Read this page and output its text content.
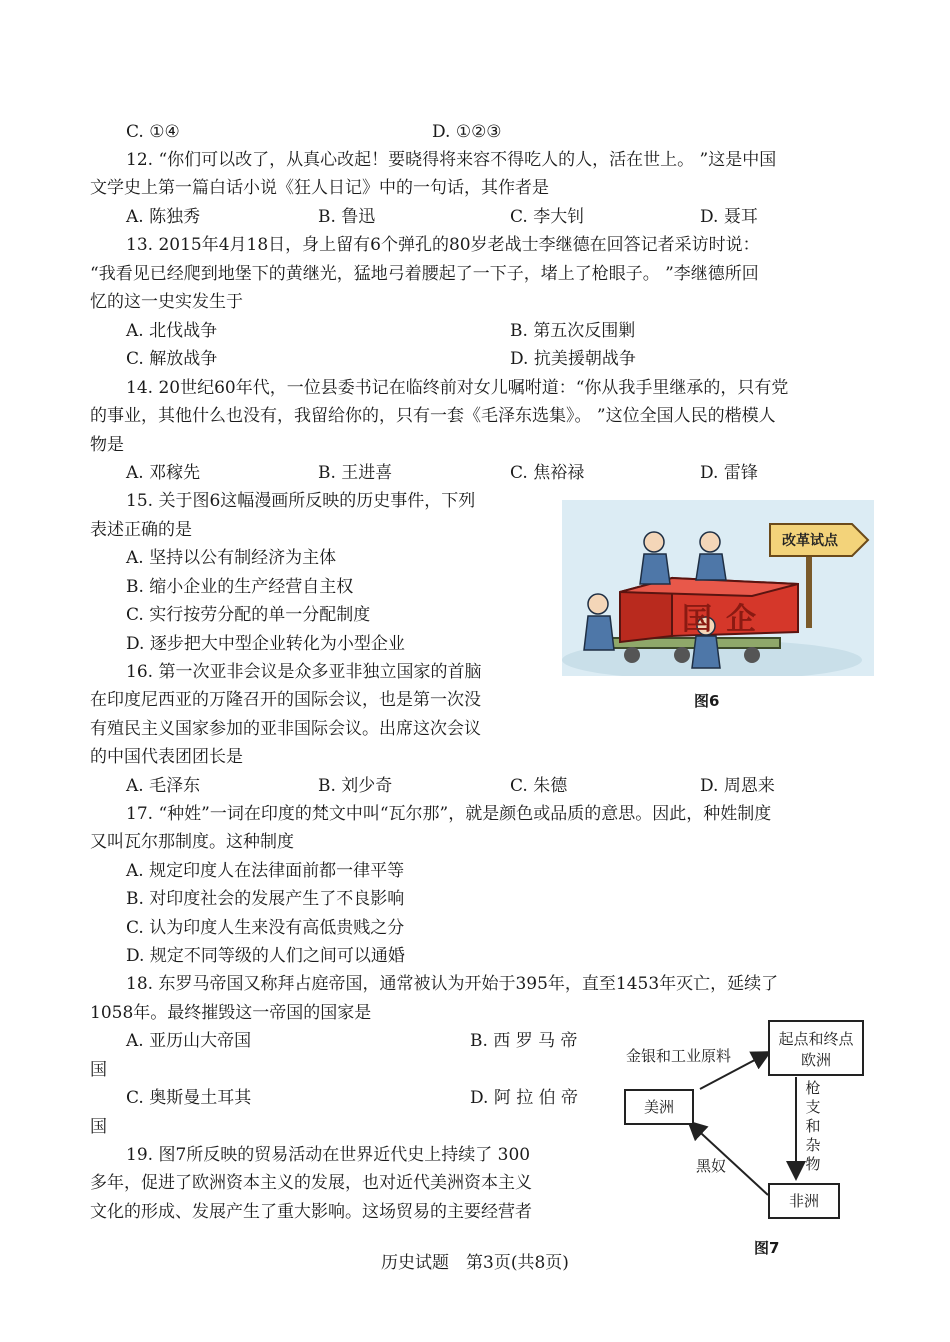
C. ①④	D. ①②③
12. “你们可以改了，从真心改起！要晓得将来容不得吃人的人，活在世上。 ”这是中国
文学史上第一篇白话小说《狂人日记》中的一句话，其作者是
A. 陈独秀	B. 鲁迅	C. 李大钊	D. 聂耳
13. 2015年4月18日，身上留有6个弹孔的80岁老战士李继德在回答记者采访时说：
“我看见已经爬到地堡下的黄继光，猛地弓着腰起了一下子，堵上了枪眼子。 ”李继德所回
忆的这一史实发生于
A. 北伐战争	B. 第五次反围剿
C. 解放战争	D. 抗美援朝战争
14. 20世纪60年代，一位县委书记在临终前对女儿嘱咐道：“你从我手里继承的，只有党
的事业，其他什么也没有，我留给你的，只有一套《毛泽东选集》。 ”这位全国人民的楷模人
物是
A. 邓稼先	B. 王进喜	C. 焦裕禄	D. 雷锋
15. 关于图6这幅漫画所反映的历史事件，下列
表述正确的是
A. 坚持以公有制经济为主体
B. 缩小企业的生产经营自主权
C. 实行按劳分配的单一分配制度
D. 逐步把大中型企业转化为小型企业
16. 第一次亚非会议是众多亚非独立国家的首脑
在印度尼西亚的万隆召开的国际会议，也是第一次没
有殖民主义国家参加的亚非国际会议。出席这次会议
的中国代表团团长是
A. 毛泽东	B. 刘少奇	C. 朱德	D. 周恩来
17. “种姓”一词在印度的梵文中叫“瓦尔那”，就是颜色或品质的意思。因此，种姓制度
又叫瓦尔那制度。这种制度
A. 规定印度人在法律面前都一律平等
B. 对印度社会的发展产生了不良影响
C. 认为印度人生来没有高低贵贱之分
D. 规定不同等级的人们之间可以通婚
18. 东罗马帝国又称拜占庭帝国，通常被认为开始于395年，直至1453年灭亡，延续了
1058年。最终摧毁这一帝国的国家是
A. 亚历山大帝国	B. 西 罗 马 帝
国
C. 奥斯曼土耳其	D. 阿 拉 伯 帝
国
19. 图7所反映的贸易活动在世界近代史上持续了 300
多年，促进了欧洲资本主义的发展，也对近代美洲资本主义
文化的形成、发展产生了重大影响。这场贸易的主要经营者
改革试点
国企
图6
起点和终点
欧洲
美洲
非洲
金银和工业原料
枪支和杂物
黑奴
图7
历史试题　第3页(共8页)
